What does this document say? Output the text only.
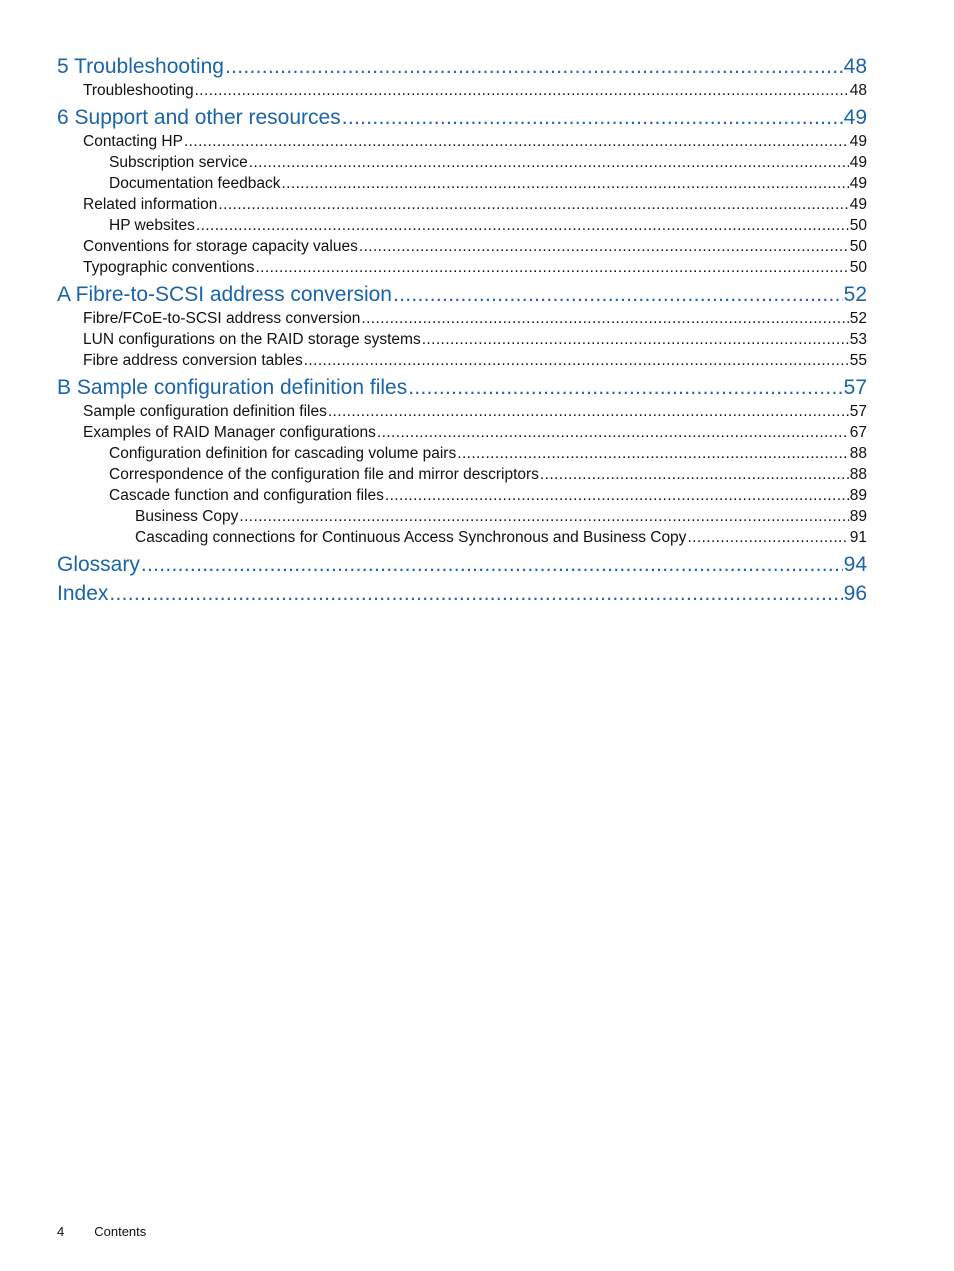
5 Troubleshooting .....	48
Troubleshooting .....	48
6 Support and other resources .....	49
Contacting HP .....	49
Subscription service .....	49
Documentation feedback .....	49
Related information .....	49
HP websites .....	50
Conventions for storage capacity values .....	50
Typographic conventions .....	50
A Fibre-to-SCSI address conversion .....	52
Fibre/FCoE-to-SCSI address conversion .....	52
LUN configurations on the RAID storage systems .....	53
Fibre address conversion tables .....	55
B Sample configuration definition files .....	57
Sample configuration definition files .....	57
Examples of RAID Manager configurations .....	67
Configuration definition for cascading volume pairs .....	88
Correspondence of the configuration file and mirror descriptors .....	88
Cascade function and configuration files .....	89
Business Copy .....	89
Cascading connections for Continuous Access Synchronous and Business Copy .....	91
Glossary .....	94
Index .....	96
4 Contents
